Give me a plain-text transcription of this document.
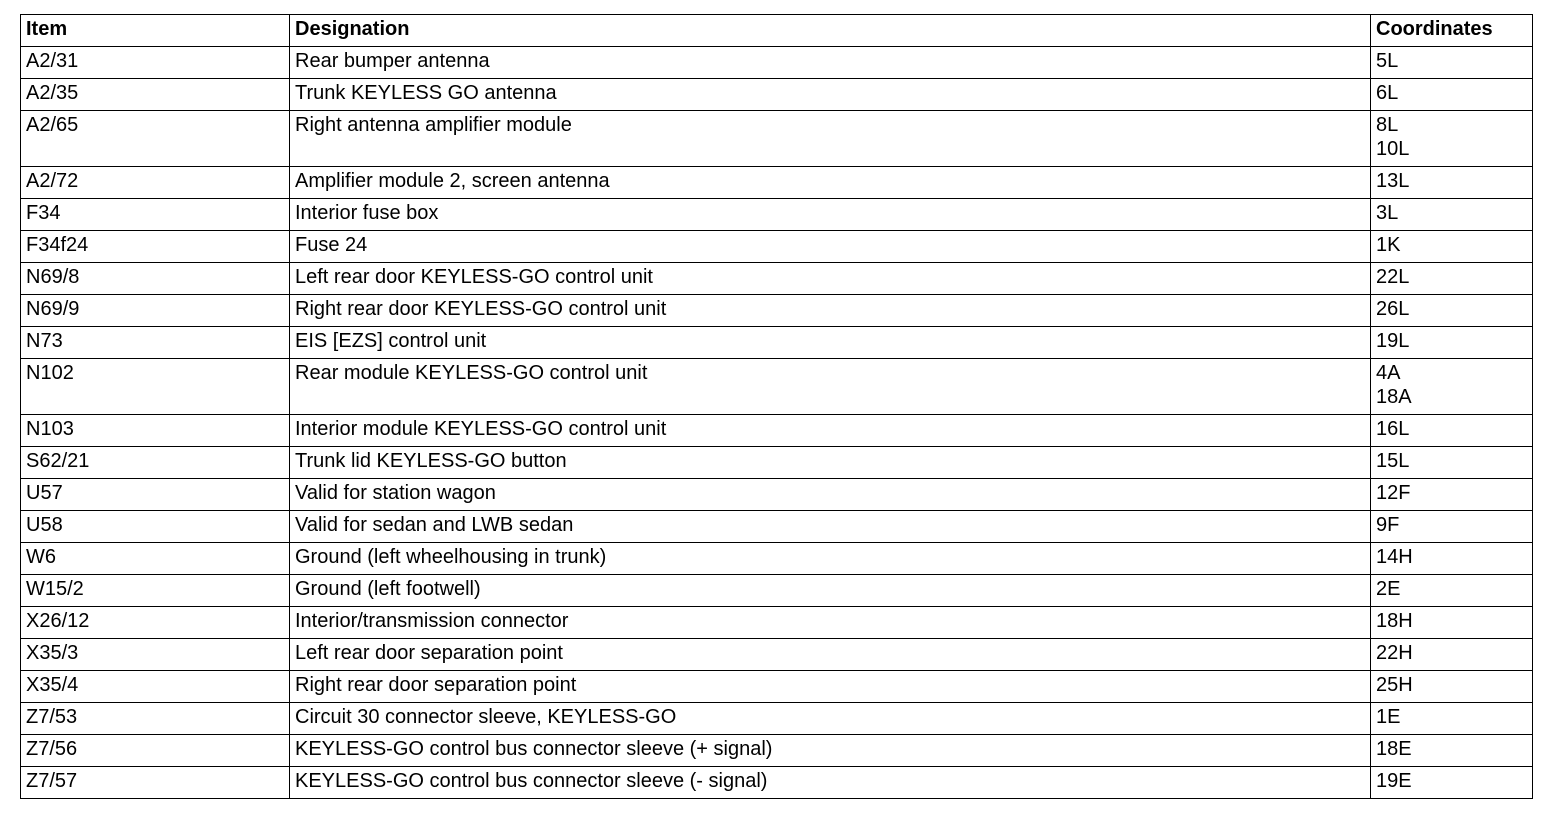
Item	Designation	Coordinates
A2/31	Rear bumper antenna	5L

A2/35	Trunk KEYLESS GO antenna	6L

A2/65	Right antenna amplifier module	8L
10L

A2/72	Amplifier module 2, screen antenna	13L

F34	Interior fuse box	3L

F34f24	Fuse 24	1K

N69/8	Left rear door KEYLESS-GO control unit	22L

N69/9	Right rear door KEYLESS-GO control unit	26L

N73	EIS [EZS] control unit	19L

N102	Rear module KEYLESS-GO control unit	4A
18A

N103	Interior module KEYLESS-GO control unit	16L

S62/21	Trunk lid KEYLESS-GO button	15L

U57	Valid for station wagon	12F

U58	Valid for sedan and LWB sedan	9F

W6	Ground (left wheelhousing in trunk)	14H

W15/2	Ground (left footwell)	2E

X26/12	Interior/transmission connector	18H

X35/3	Left rear door separation point	22H

X35/4	Right rear door separation point	25H

Z7/53	Circuit 30 connector sleeve, KEYLESS-GO	1E

Z7/56	KEYLESS-GO control bus connector sleeve (+ signal)	18E

Z7/57	KEYLESS-GO control bus connector sleeve (- signal)	19E
